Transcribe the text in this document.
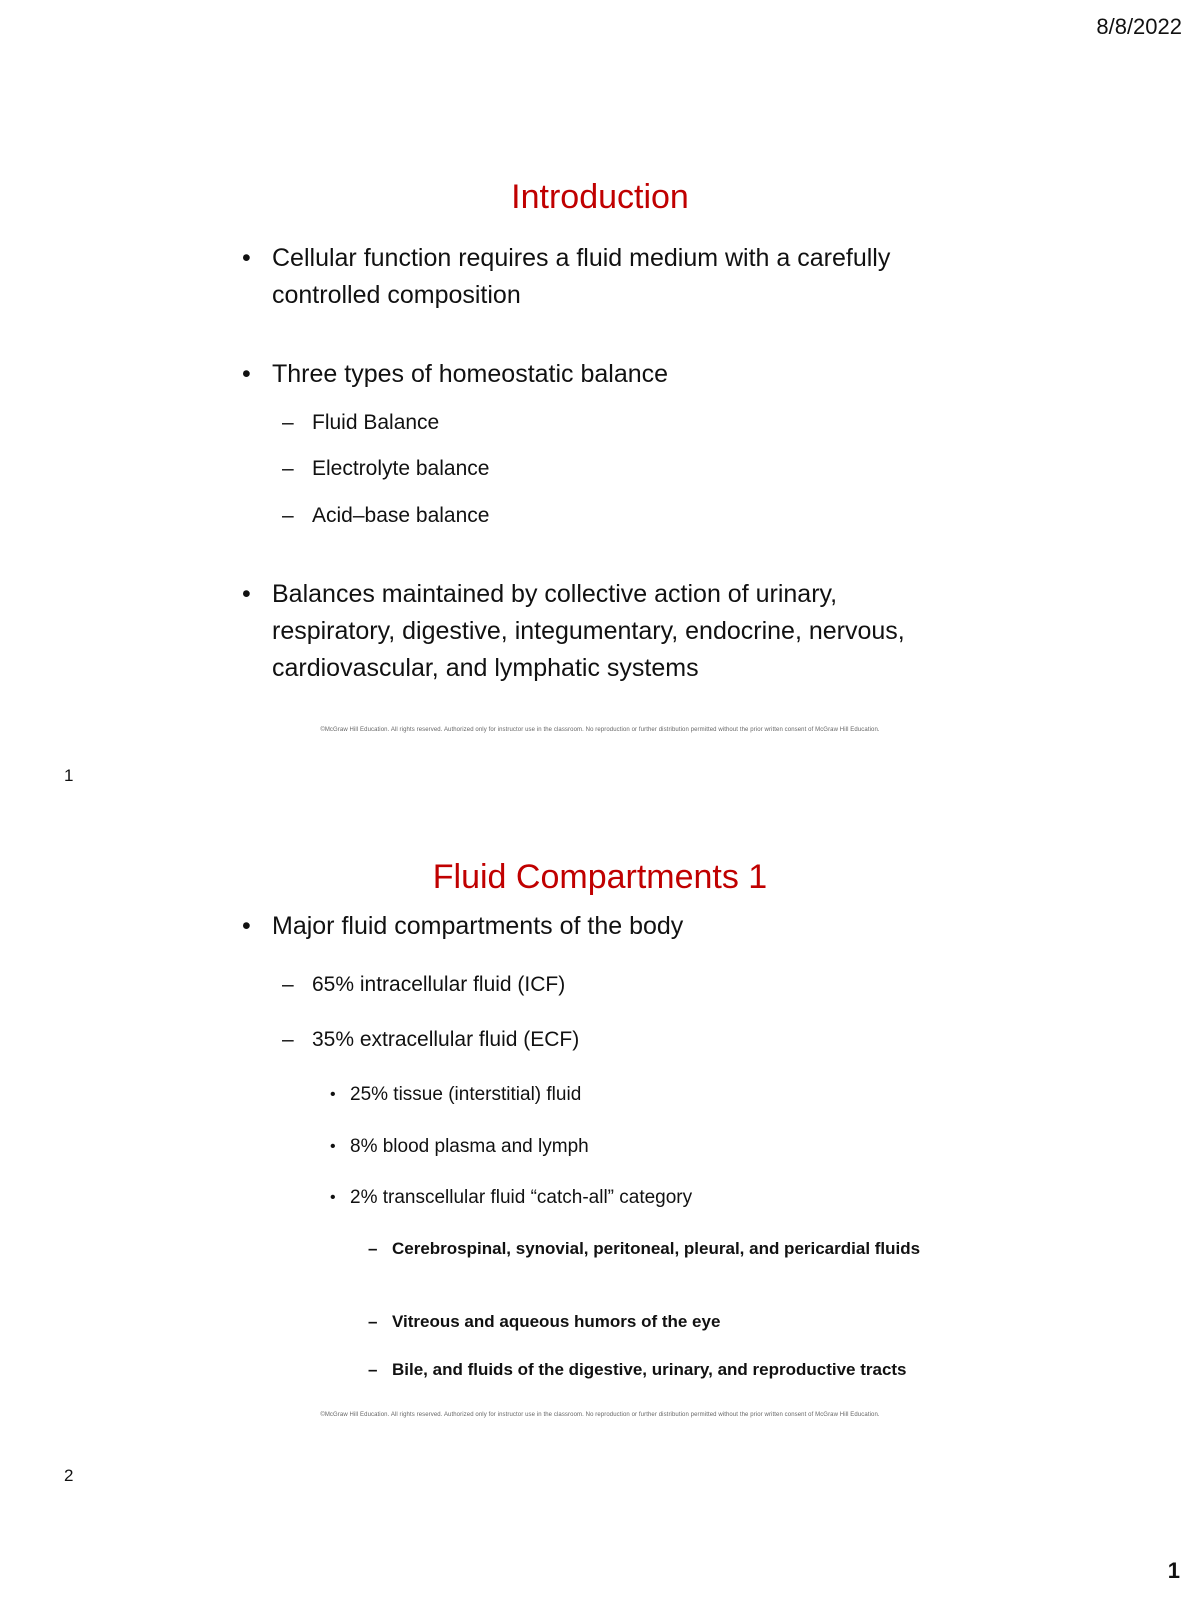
8/8/2022
Introduction
• Cellular function requires a fluid medium with a carefully controlled composition
• Three types of homeostatic balance
– Fluid Balance
– Electrolyte balance
– Acid–base balance
• Balances maintained by collective action of urinary, respiratory, digestive, integumentary, endocrine, nervous, cardiovascular, and lymphatic systems
©McGraw Hill Education. All rights reserved. Authorized only for instructor use in the classroom. No reproduction or further distribution permitted without the prior written consent of McGraw Hill Education.
1
Fluid Compartments 1
• Major fluid compartments of the body
– 65% intracellular fluid (ICF)
– 35% extracellular fluid (ECF)
• 25% tissue (interstitial) fluid
• 8% blood plasma and lymph
• 2% transcellular fluid “catch-all” category
– Cerebrospinal, synovial, peritoneal, pleural, and pericardial fluids
– Vitreous and aqueous humors of the eye
– Bile, and fluids of the digestive, urinary, and reproductive tracts
©McGraw Hill Education. All rights reserved. Authorized only for instructor use in the classroom. No reproduction or further distribution permitted without the prior written consent of McGraw Hill Education.
2
1
